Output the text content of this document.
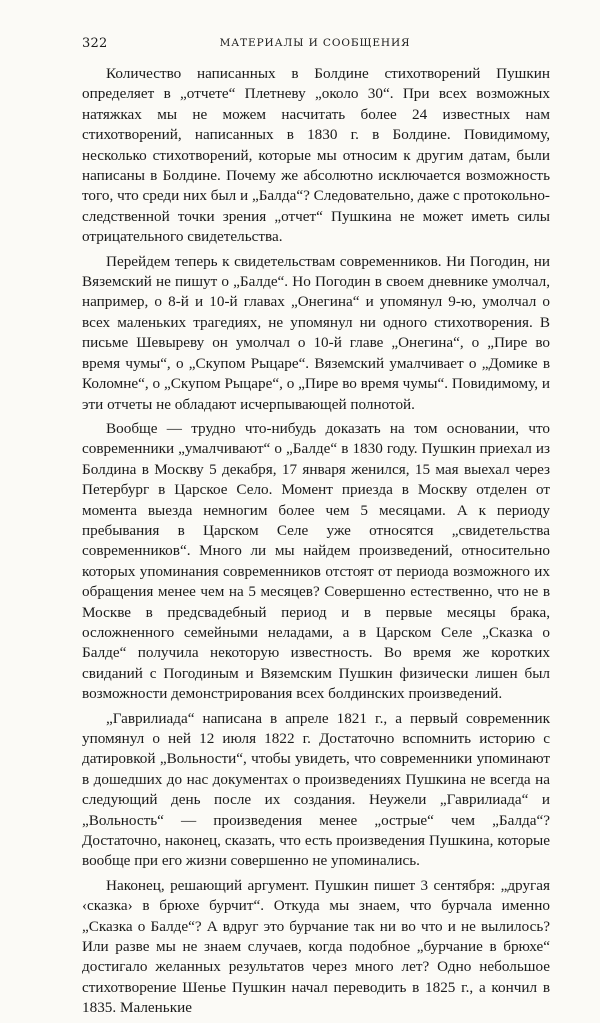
322	МАТЕРИАЛЫ И СООБЩЕНИЯ

Количество написанных в Болдине стихотворений Пушкин определяет в „отчете“ Плетневу „около 30“. При всех возможных натяжках мы не можем насчитать более 24 известных нам стихотворений, написанных в 1830 г. в Болдине. Повидимому, несколько стихотворений, которые мы относим к другим датам, были написаны в Болдине. Почему же абсолютно исключается возможность того, что среди них был и „Балда“? Следовательно, даже с протокольно-следственной точки зрения „отчет“ Пушкина не может иметь силы отрицательного свидетельства.

Перейдем теперь к свидетельствам современников. Ни Погодин, ни Вяземский не пишут о „Балде“. Но Погодин в своем дневнике умолчал, например, о 8-й и 10-й главах „Онегина“ и упомянул 9-ю, умолчал о всех маленьких трагедиях, не упомянул ни одного стихотворения. В письме Шевыреву он умолчал о 10-й главе „Онегина“, о „Пире во время чумы“, о „Скупом Рыцаре“. Вяземский умалчивает о „Домике в Коломне“, о „Скупом Рыцаре“, о „Пире во время чумы“. Повидимому, и эти отчеты не обладают исчерпывающей полнотой.

Вообще — трудно что-нибудь доказать на том основании, что современники „умалчивают“ о „Балде“ в 1830 году. Пушкин приехал из Болдина в Москву 5 декабря, 17 января женился, 15 мая выехал через Петербург в Царское Село. Момент приезда в Москву отделен от момента выезда немногим более чем 5 месяцами. А к периоду пребывания в Царском Селе уже относятся „свидетельства современников“. Много ли мы найдем произведений, относительно которых упоминания современников отстоят от периода возможного их обращения менее чем на 5 месяцев? Совершенно естественно, что не в Москве в предсвадебный период и в первые месяцы брака, осложненного семейными неладами, а в Царском Селе „Сказка о Балде“ получила некоторую известность. Во время же коротких свиданий с Погодиным и Вяземским Пушкин физически лишен был возможности демонстрирования всех болдинских произведений.

„Гаврилиада“ написана в апреле 1821 г., а первый современник упомянул о ней 12 июля 1822 г. Достаточно вспомнить историю с датировкой „Вольности“, чтобы увидеть, что современники упоминают в дошедших до нас документах о произведениях Пушкина не всегда на следующий день после их создания. Неужели „Гаврилиада“ и „Вольность“ — произведения менее „острые“ чем „Балда“? Достаточно, наконец, сказать, что есть произведения Пушкина, которые вообще при его жизни совершенно не упоминались.

Наконец, решающий аргумент. Пушкин пишет 3 сентября: „другая ‹сказка› в брюхе бурчит“. Откуда мы знаем, что бурчала именно „Сказка о Балде“? А вдруг это бурчание так ни во что и не вылилось? Или разве мы не знаем случаев, когда подобное „бурчание в брюхе“ достигало желанных результатов через много лет? Одно небольшое стихотворение Шенье Пушкин начал переводить в 1825 г., а кончил в 1835. Маленькие
